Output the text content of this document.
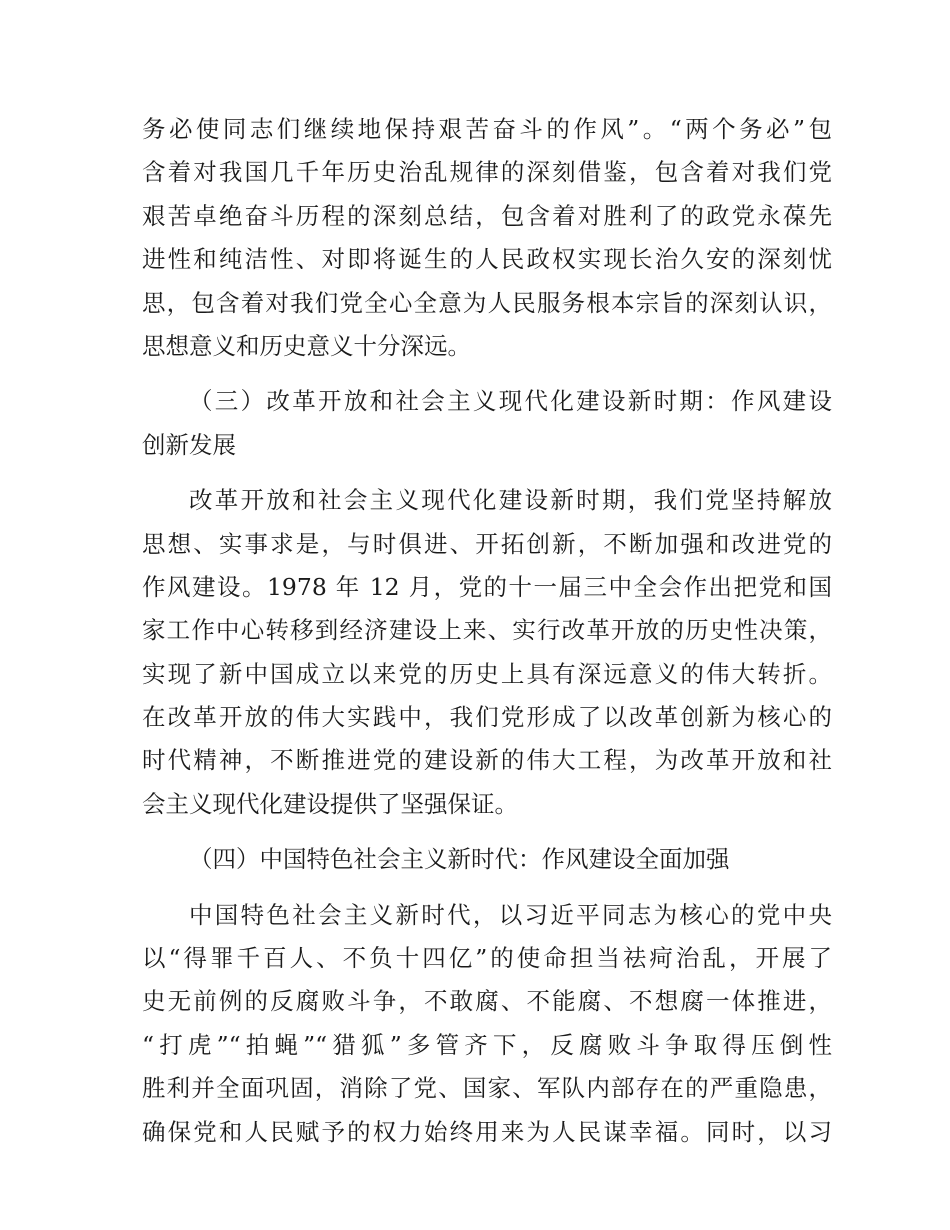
务必使同志们继续地保持艰苦奋斗的作风”。“两个务必”包
含着对我国几千年历史治乱规律的深刻借鉴，包含着对我们党
艰苦卓绝奋斗历程的深刻总结，包含着对胜利了的政党永葆先
进性和纯洁性、对即将诞生的人民政权实现长治久安的深刻忧
思，包含着对我们党全心全意为人民服务根本宗旨的深刻认识，
思想意义和历史意义十分深远。
（三）改革开放和社会主义现代化建设新时期：作风建设
创新发展
改革开放和社会主义现代化建设新时期，我们党坚持解放
思想、实事求是，与时俱进、开拓创新，不断加强和改进党的
作风建设。1978 年 12 月，党的十一届三中全会作出把党和国
家工作中心转移到经济建设上来、实行改革开放的历史性决策，
实现了新中国成立以来党的历史上具有深远意义的伟大转折。
在改革开放的伟大实践中，我们党形成了以改革创新为核心的
时代精神，不断推进党的建设新的伟大工程，为改革开放和社
会主义现代化建设提供了坚强保证。
（四）中国特色社会主义新时代：作风建设全面加强
中国特色社会主义新时代，以习近平同志为核心的党中央
以“得罪千百人、不负十四亿”的使命担当祛疴治乱，开展了
史无前例的反腐败斗争，不敢腐、不能腐、不想腐一体推进，
“打虎”“拍蝇”“猎狐”多管齐下，反腐败斗争取得压倒性
胜利并全面巩固，消除了党、国家、军队内部存在的严重隐患，
确保党和人民赋予的权力始终用来为人民谋幸福。同时，以习
